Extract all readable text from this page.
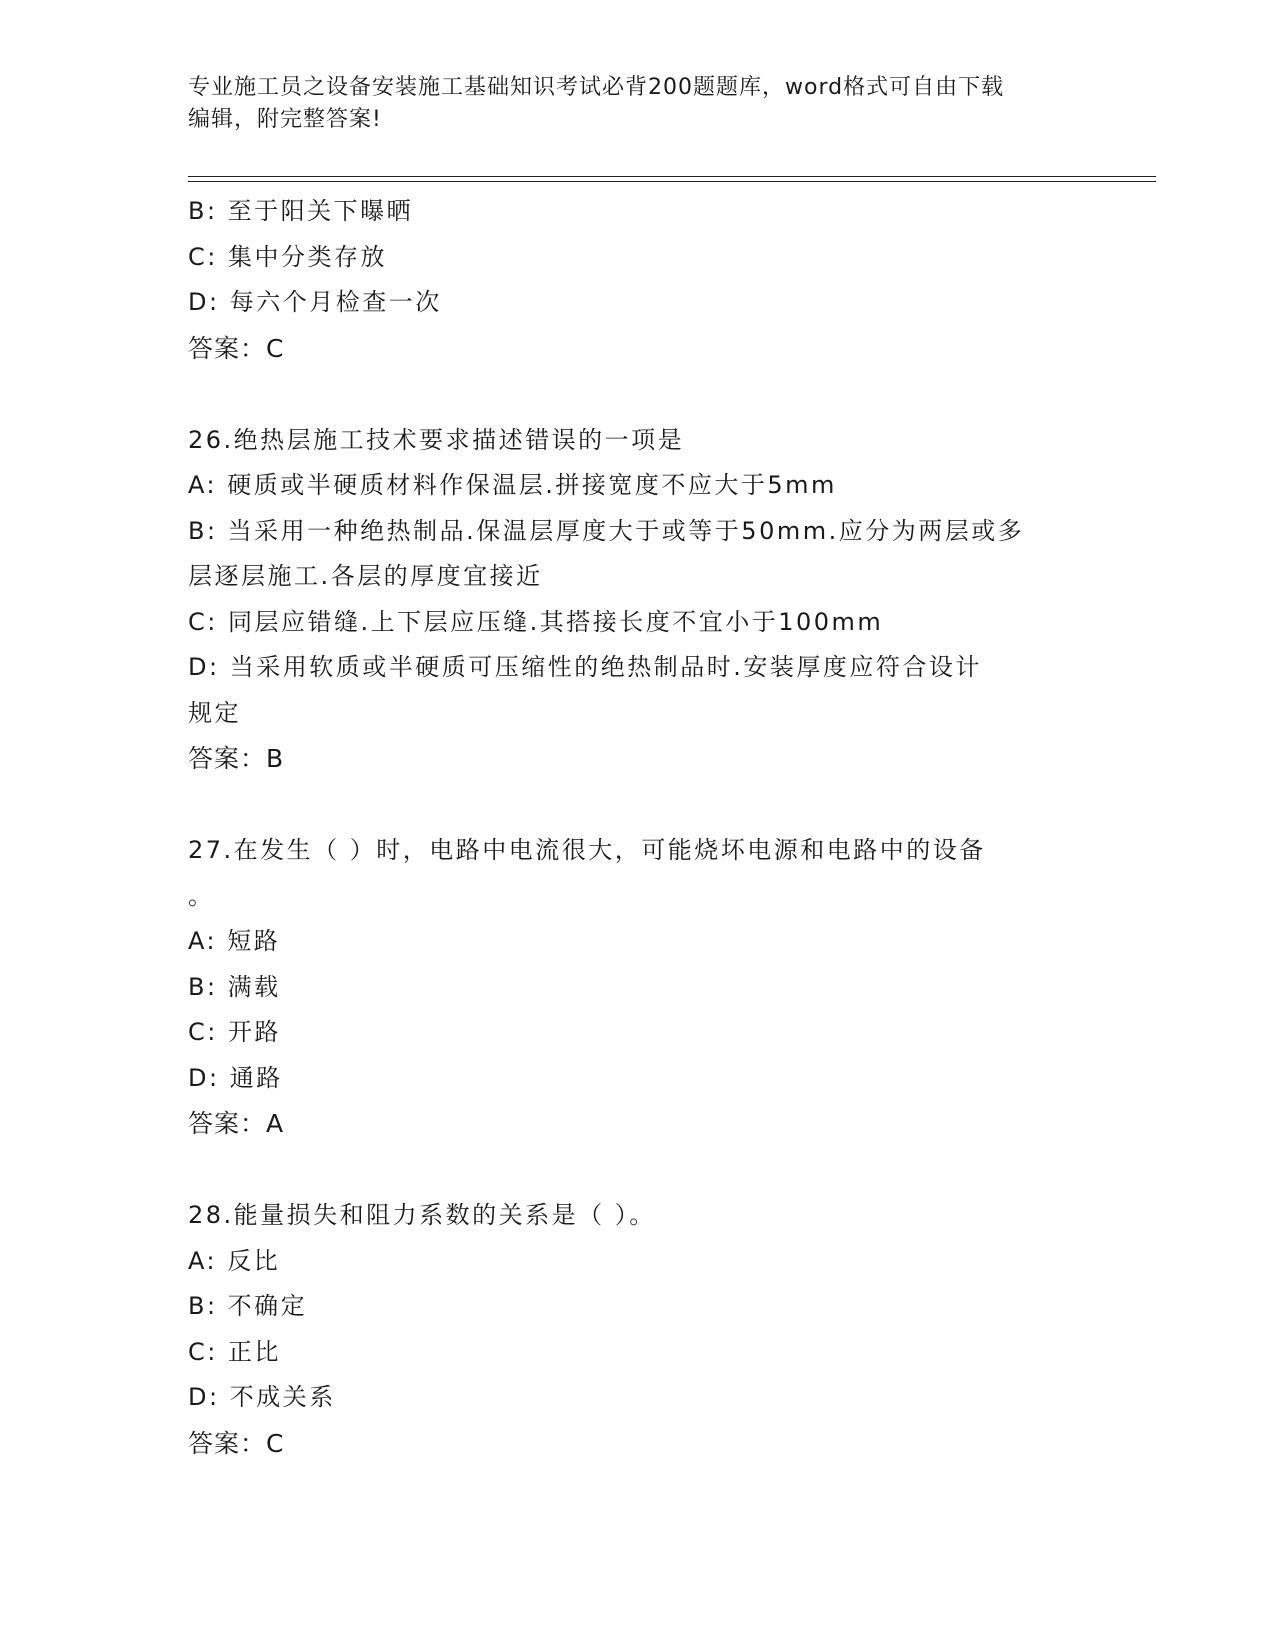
专业施工员之设备安装施工基础知识考试必背200题题库，word格式可自由下载
编辑，附完整答案!
B: 至于阳关下曝晒
C: 集中分类存放
D: 每六个月检查一次
答案：C
26.绝热层施工技术要求描述错误的一项是
A: 硬质或半硬质材料作保温层.拼接宽度不应大于5mm
B: 当采用一种绝热制品.保温层厚度大于或等于50mm.应分为两层或多
层逐层施工.各层的厚度宜接近
C: 同层应错缝.上下层应压缝.其搭接长度不宜小于100mm
D: 当采用软质或半硬质可压缩性的绝热制品时.安装厚度应符合设计
规定
答案：B
27.在发生（ ）时，电路中电流很大，可能烧坏电源和电路中的设备
。
A: 短路
B: 满载
C: 开路
D: 通路
答案：A
28.能量损失和阻力系数的关系是（ ）。
A: 反比
B: 不确定
C: 正比
D: 不成关系
答案：C
